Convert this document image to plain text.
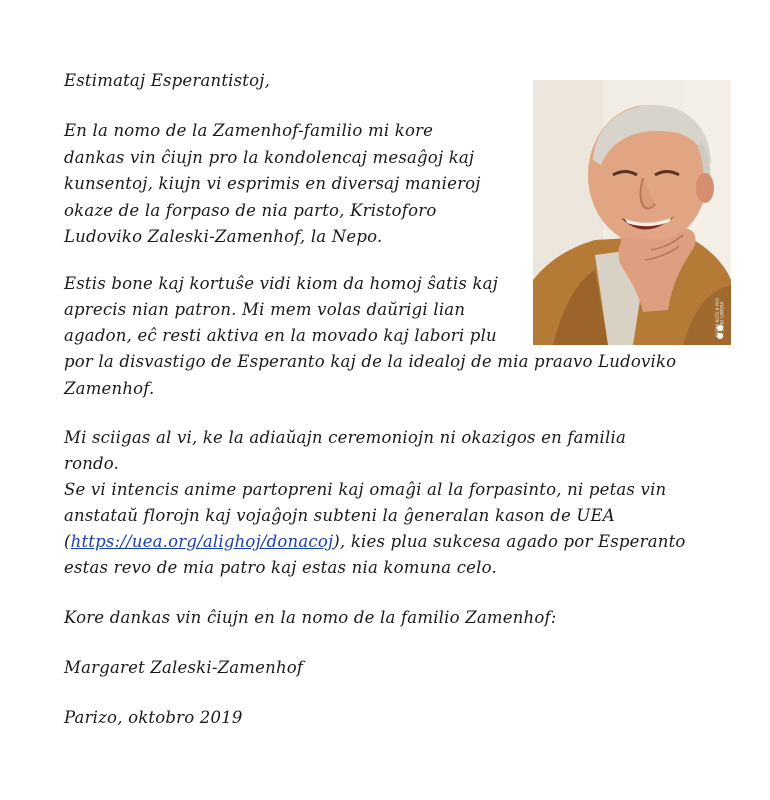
Estimataj Esperantistoj,
En la nomo de la Zamenhof-familio mi kore
dankas vin ĉiujn pro la kondolencaj mesaĝoj kaj
kunsentoj, kiujn vi esprimis en diversaj manieroj
okaze de la forpaso de nia parto, Kristoforo
Ludoviko Zaleski-Zamenhof, la Nepo.
Estis bone kaj kortuŝe vidi kiom da homoj ŝatis kaj
aprecis nian patron. Mi mem volas daŭrigi lian
agadon, eĉ resti aktiva en la movado kaj labori plu
por la disvastigo de Esperanto kaj de la idealoj de mia praavo Ludoviko
Zamenhof.
Mi sciigas al vi, ke la adiaŭajn ceremoniojn ni okazigos en familia
rondo.
Se vi intencis anime partopreni kaj omaĝi al la forpasinto, ni petas vin
anstataŭ florojn kaj vojaĝojn subteni la ĝeneralan kason de UEA
(https://uea.org/alighoj/donacoj), kies plua sukcesa agado por Esperanto
estas revo de mia patro kaj estas nia komuna celo.
Kore dankas vin ĉiujn en la nomo de la familio Zamenhof:
Margaret Zaleski-Zamenhof
Parizo, oktobro 2019
REDMI NOTE 8 PRO
AI QUAD CAMERA
